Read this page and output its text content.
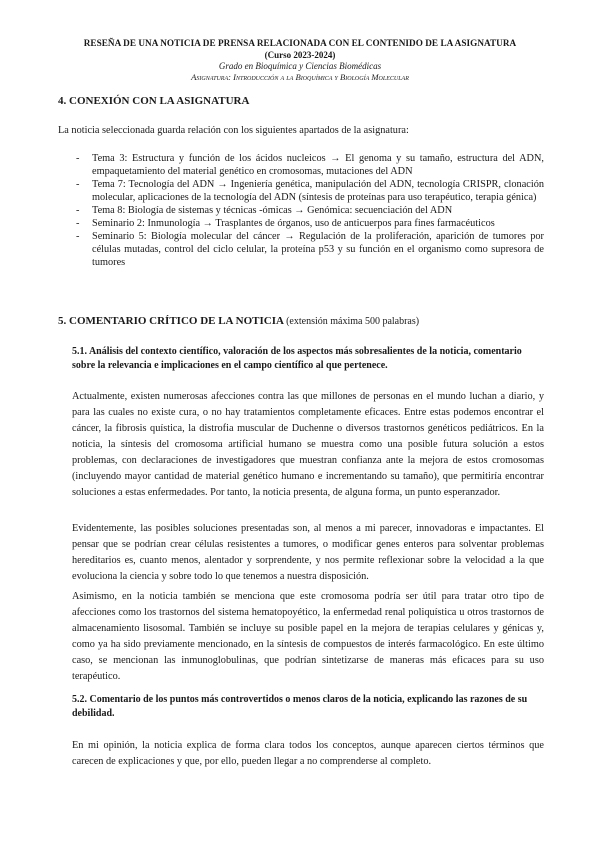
RESEÑA DE UNA NOTICIA DE PRENSA RELACIONADA CON EL CONTENIDO DE LA ASIGNATURA
(Curso 2023-2024)
Grado en Bioquímica y Ciencias Biomédicas
Asignatura: Introducción a la Bioquímica y Biología Molecular
4. CONEXIÓN CON LA ASIGNATURA
La noticia seleccionada guarda relación con los siguientes apartados de la asignatura:
- Tema 3: Estructura y función de los ácidos nucleicos → El genoma y su tamaño, estructura del ADN, empaquetamiento del material genético en cromosomas, mutaciones del ADN
- Tema 7: Tecnología del ADN → Ingeniería genética, manipulación del ADN, tecnología CRISPR, clonación molecular, aplicaciones de la tecnología del ADN (síntesis de proteínas para uso terapéutico, terapia génica)
- Tema 8: Biología de sistemas y técnicas -ómicas → Genómica: secuenciación del ADN
- Seminario 2: Inmunología → Trasplantes de órganos, uso de anticuerpos para fines farmacéuticos
- Seminario 5: Biología molecular del cáncer → Regulación de la proliferación, aparición de tumores por células mutadas, control del ciclo celular, la proteína p53 y su función en el organismo como supresora de tumores
5. COMENTARIO CRÍTICO DE LA NOTICIA (extensión máxima 500 palabras)
5.1. Análisis del contexto científico, valoración de los aspectos más sobresalientes de la noticia, comentario sobre la relevancia e implicaciones en el campo científico al que pertenece.
Actualmente, existen numerosas afecciones contra las que millones de personas en el mundo luchan a diario, y para las cuales no existe cura, o no hay tratamientos completamente eficaces. Entre estas podemos encontrar el cáncer, la fibrosis quística, la distrofia muscular de Duchenne o diversos trastornos genéticos pediátricos. En la noticia, la síntesis del cromosoma artificial humano se muestra como una posible futura solución a estos problemas, con declaraciones de investigadores que muestran confianza ante la mejora de estos cromosomas (incluyendo mayor cantidad de material genético humano e incrementando su tamaño), que permitiría encontrar soluciones a estas enfermedades. Por tanto, la noticia presenta, de alguna forma, un punto esperanzador.
Evidentemente, las posibles soluciones presentadas son, al menos a mi parecer, innovadoras e impactantes. El pensar que se podrían crear células resistentes a tumores, o modificar genes enteros para solventar problemas hereditarios es, cuanto menos, alentador y sorprendente, y nos permite reflexionar sobre la velocidad a la que evoluciona la ciencia y sobre todo lo que tenemos a nuestra disposición.
Asimismo, en la noticia también se menciona que este cromosoma podría ser útil para tratar otro tipo de afecciones como los trastornos del sistema hematopoyético, la enfermedad renal poliquística u otros trastornos de almacenamiento lisosomal. También se incluye su posible papel en la mejora de terapias celulares y génicas y, como ya ha sido previamente mencionado, en la síntesis de compuestos de interés farmacológico. En este último caso, se mencionan las inmunoglobulinas, que podrían sintetizarse de maneras más eficaces para su uso terapéutico.
5.2. Comentario de los puntos más controvertidos o menos claros de la noticia, explicando las razones de su debilidad.
En mi opinión, la noticia explica de forma clara todos los conceptos, aunque aparecen ciertos términos que carecen de explicaciones y que, por ello, pueden llegar a no comprenderse al completo.
